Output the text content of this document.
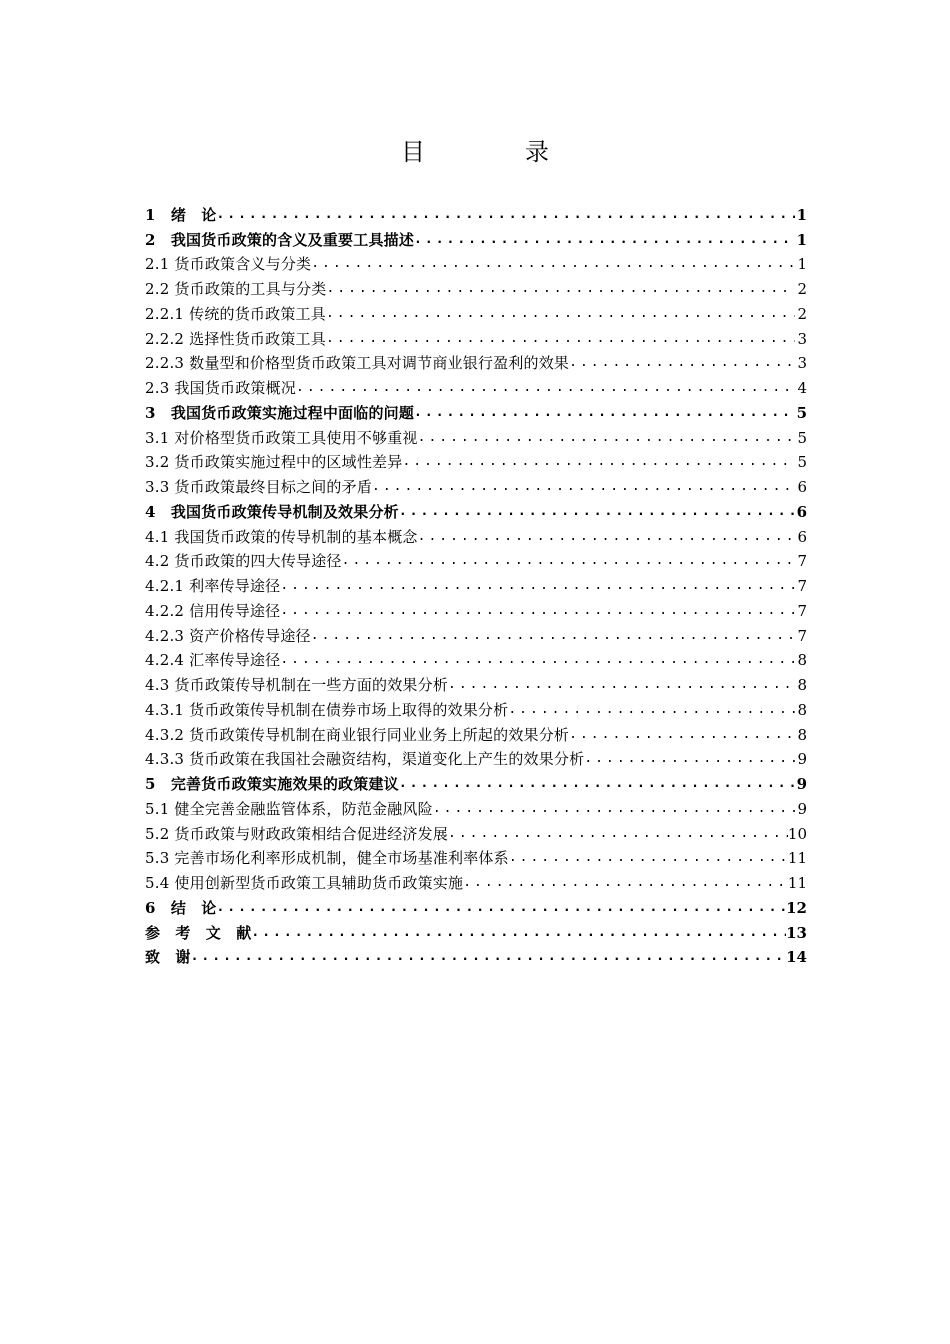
目　录
1　绪　论 .....	1
2　我国货币政策的含义及重要工具描述 .....	1
2.1 货币政策含义与分类 .....	1
2.2 货币政策的工具与分类 .....	2
2.2.1 传统的货币政策工具 .....	2
2.2.2 选择性货币政策工具 .....	3
2.2.3 数量型和价格型货币政策工具对调节商业银行盈利的效果 .....	3
2.3 我国货币政策概况 .....	4
3　我国货币政策实施过程中面临的问题 .....	5
3.1 对价格型货币政策工具使用不够重视 .....	5
3.2 货币政策实施过程中的区域性差异 .....	5
3.3 货币政策最终目标之间的矛盾 .....	6
4　我国货币政策传导机制及效果分析 .....	6
4.1 我国货币政策的传导机制的基本概念 .....	6
4.2 货币政策的四大传导途径 .....	7
4.2.1 利率传导途径 .....	7
4.2.2 信用传导途径 .....	7
4.2.3 资产价格传导途径 .....	7
4.2.4 汇率传导途径 .....	8
4.3 货币政策传导机制在一些方面的效果分析 .....	8
4.3.1 货币政策传导机制在债券市场上取得的效果分析 .....	8
4.3.2 货币政策传导机制在商业银行同业业务上所起的效果分析 .....	8
4.3.3 货币政策在我国社会融资结构，渠道变化上产生的效果分析 .....	9
5　完善货币政策实施效果的政策建议 .....	9
5.1 健全完善金融监管体系，防范金融风险 .....	9
5.2 货币政策与财政政策相结合促进经济发展 .....	10
5.3 完善市场化利率形成机制，健全市场基准利率体系 .....	11
5.4 使用创新型货币政策工具辅助货币政策实施 .....	11
6　结　论 .....	12
参　考　文　献 .....	13
致　谢 .....	14
